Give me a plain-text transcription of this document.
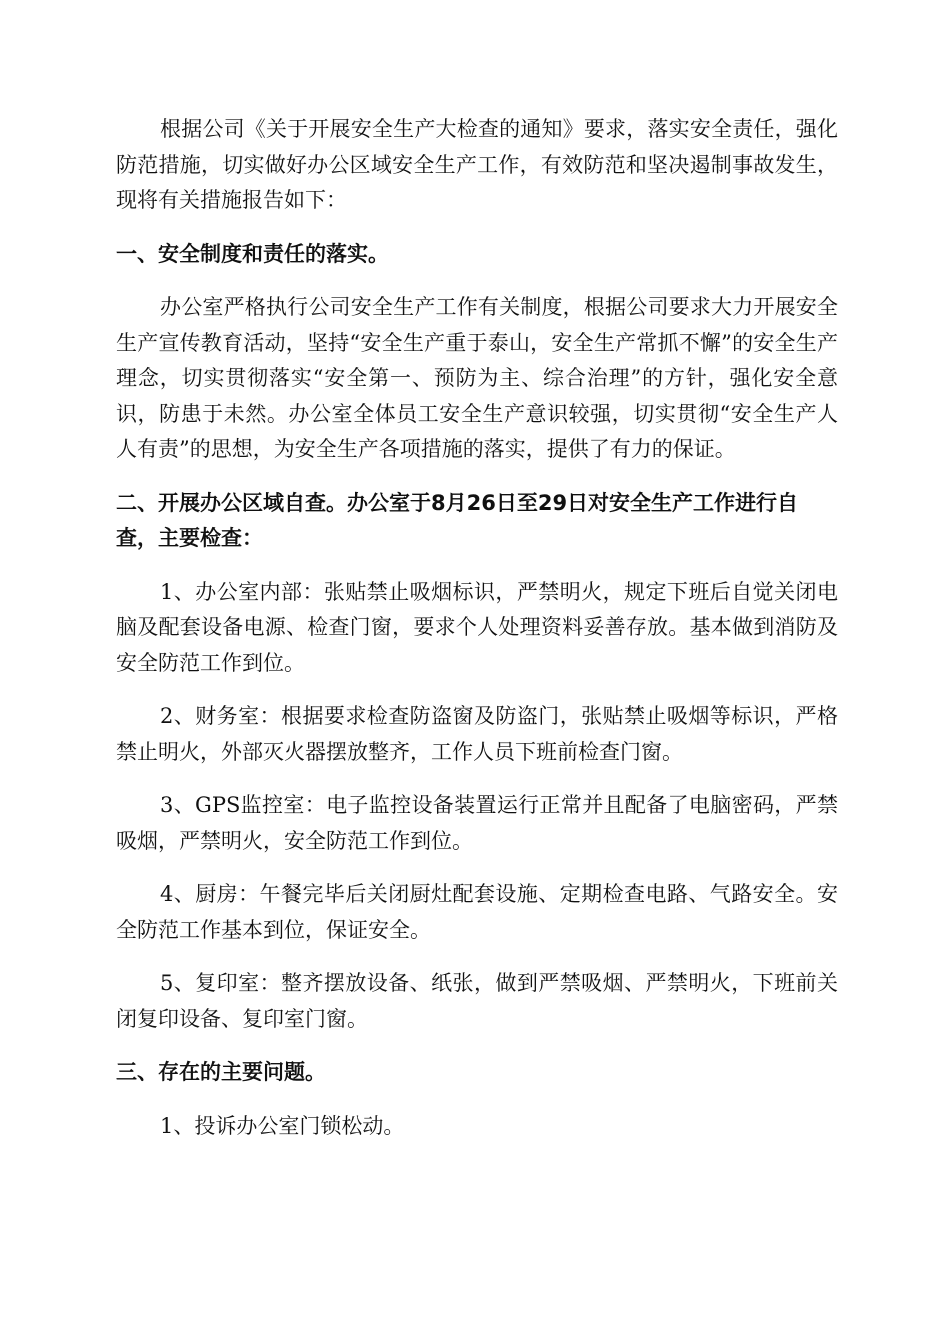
根据公司《关于开展安全生产大检查的通知》要求，落实安全责任，强化防范措施，切实做好办公区域安全生产工作，有效防范和坚决遏制事故发生，现将有关措施报告如下：

一、安全制度和责任的落实。

办公室严格执行公司安全生产工作有关制度，根据公司要求大力开展安全生产宣传教育活动，坚持“安全生产重于泰山，安全生产常抓不懈”的安全生产理念，切实贯彻落实“安全第一、预防为主、综合治理”的方针，强化安全意识，防患于未然。办公室全体员工安全生产意识较强，切实贯彻“安全生产人人有责”的思想，为安全生产各项措施的落实，提供了有力的保证。

二、开展办公区域自查。办公室于8月26日至29日对安全生产工作进行自查，主要检查：

1、办公室内部：张贴禁止吸烟标识，严禁明火，规定下班后自觉关闭电脑及配套设备电源、检查门窗，要求个人处理资料妥善存放。基本做到消防及安全防范工作到位。

2、财务室：根据要求检查防盗窗及防盗门，张贴禁止吸烟等标识，严格禁止明火，外部灭火器摆放整齐，工作人员下班前检查门窗。

3、GPS监控室：电子监控设备装置运行正常并且配备了电脑密码，严禁吸烟，严禁明火，安全防范工作到位。

4、厨房：午餐完毕后关闭厨灶配套设施、定期检查电路、气路安全。安全防范工作基本到位，保证安全。

5、复印室：整齐摆放设备、纸张，做到严禁吸烟、严禁明火，下班前关闭复印设备、复印室门窗。

三、存在的主要问题。

1、投诉办公室门锁松动。
